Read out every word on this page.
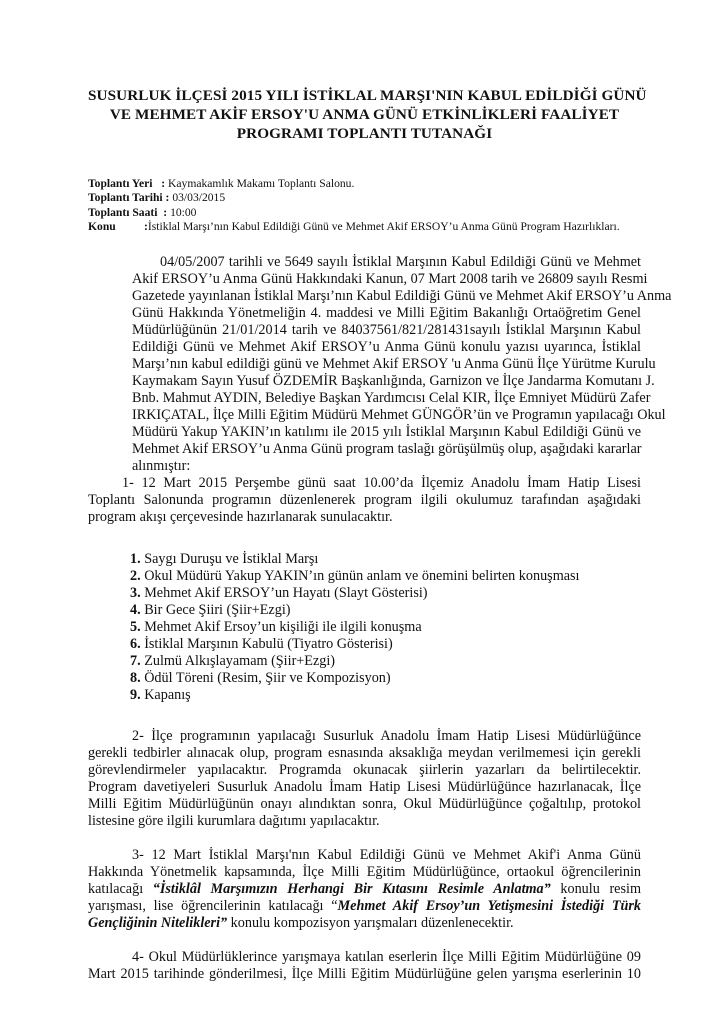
SUSURLUK İLÇESİ 2015 YILI İSTİKLAL MARŞI'NIN KABUL EDİLDİĞİ GÜNÜ
VE MEHMET AKİF ERSOY'U ANMA GÜNÜ ETKİNLİKLERİ FAALİYET
PROGRAMI TOPLANTI TUTANAĞI
Toplantı Yeri   : Kaymakamlık Makamı Toplantı Salonu.
Toplantı Tarihi : 03/03/2015
Toplantı Saati  : 10:00
Konu :İstiklal Marşı’nın Kabul Edildiği Günü ve Mehmet Akif ERSOY’u Anma Günü Program Hazırlıkları.
04/05/2007 tarihli ve 5649 sayılı İstiklal Marşının Kabul Edildiği Günü ve Mehmet
Akif ERSOY’u Anma Günü Hakkındaki Kanun, 07 Mart 2008 tarih ve 26809 sayılı Resmi
Gazetede yayınlanan İstiklal Marşı’nın Kabul Edildiği Günü ve Mehmet Akif ERSOY’u Anma
Günü Hakkında Yönetmeliğin 4. maddesi ve Milli Eğitim Bakanlığı Ortaöğretim Genel
Müdürlüğünün 21/01/2014 tarih ve 84037561/821/281431sayılı İstiklal Marşının Kabul
Edildiği Günü ve Mehmet Akif ERSOY’u Anma Günü konulu yazısı uyarınca, İstiklal
Marşı’nın kabul edildiği günü ve Mehmet Akif ERSOY 'u Anma Günü İlçe Yürütme Kurulu
Kaymakam Sayın Yusuf ÖZDEMİR Başkanlığında, Garnizon ve İlçe Jandarma Komutanı J.
Bnb. Mahmut AYDIN, Belediye Başkan Yardımcısı Celal KIR, İlçe Emniyet Müdürü Zafer
IRKIÇATAL, İlçe Milli Eğitim Müdürü Mehmet GÜNGÖR’ün ve Programın yapılacağı Okul
Müdürü Yakup YAKIN’ın katılımı ile 2015 yılı İstiklal Marşının Kabul Edildiği Günü ve
Mehmet Akif ERSOY’u Anma Günü program taslağı görüşülmüş olup, aşağıdaki kararlar
alınmıştır:
1- 12 Mart 2015 Perşembe günü saat 10.00’da İlçemiz Anadolu İmam Hatip Lisesi
Toplantı Salonunda programın düzenlenerek program ilgili okulumuz tarafından aşağıdaki
program akışı çerçevesinde hazırlanarak sunulacaktır.
1. Saygı Duruşu ve İstiklal Marşı
2. Okul Müdürü Yakup YAKIN’ın günün anlam ve önemini belirten konuşması
3. Mehmet Akif ERSOY’un Hayatı (Slayt Gösterisi)
4. Bir Gece Şiiri (Şiir+Ezgi)
5. Mehmet Akif Ersoy’un kişiliği ile ilgili konuşma
6. İstiklal Marşının Kabulü (Tiyatro Gösterisi)
7. Zulmü Alkışlayamam (Şiir+Ezgi)
8. Ödül Töreni (Resim, Şiir ve Kompozisyon)
9. Kapanış
2- İlçe programının yapılacağı Susurluk Anadolu İmam Hatip Lisesi Müdürlüğünce
gerekli tedbirler alınacak olup, program esnasında aksaklığa meydan verilmemesi için gerekli
görevlendirmeler yapılacaktır. Programda okunacak şiirlerin yazarları da belirtilecektir.
Program davetiyeleri Susurluk Anadolu İmam Hatip Lisesi Müdürlüğünce hazırlanacak, İlçe
Milli Eğitim Müdürlüğünün onayı alındıktan sonra, Okul Müdürlüğünce çoğaltılıp, protokol
listesine göre ilgili kurumlara dağıtımı yapılacaktır.
3- 12 Mart İstiklal Marşı'nın Kabul Edildiği Günü ve Mehmet Akif'i Anma Günü
Hakkında Yönetmelik kapsamında, İlçe Milli Eğitim Müdürlüğünce, ortaokul öğrencilerinin
katılacağı “İstiklâl Marşımızın Herhangi Bir Kıtasını Resimle Anlatma” konulu resim
yarışması, lise öğrencilerinin katılacağı “Mehmet Akif Ersoy’un Yetişmesini İstediği Türk
Gençliğinin Nitelikleri” konulu kompozisyon yarışmaları düzenlenecektir.
4- Okul Müdürlüklerince yarışmaya katılan eserlerin İlçe Milli Eğitim Müdürlüğüne 09
Mart 2015 tarihinde gönderilmesi, İlçe Milli Eğitim Müdürlüğüne gelen yarışma eserlerinin 10
